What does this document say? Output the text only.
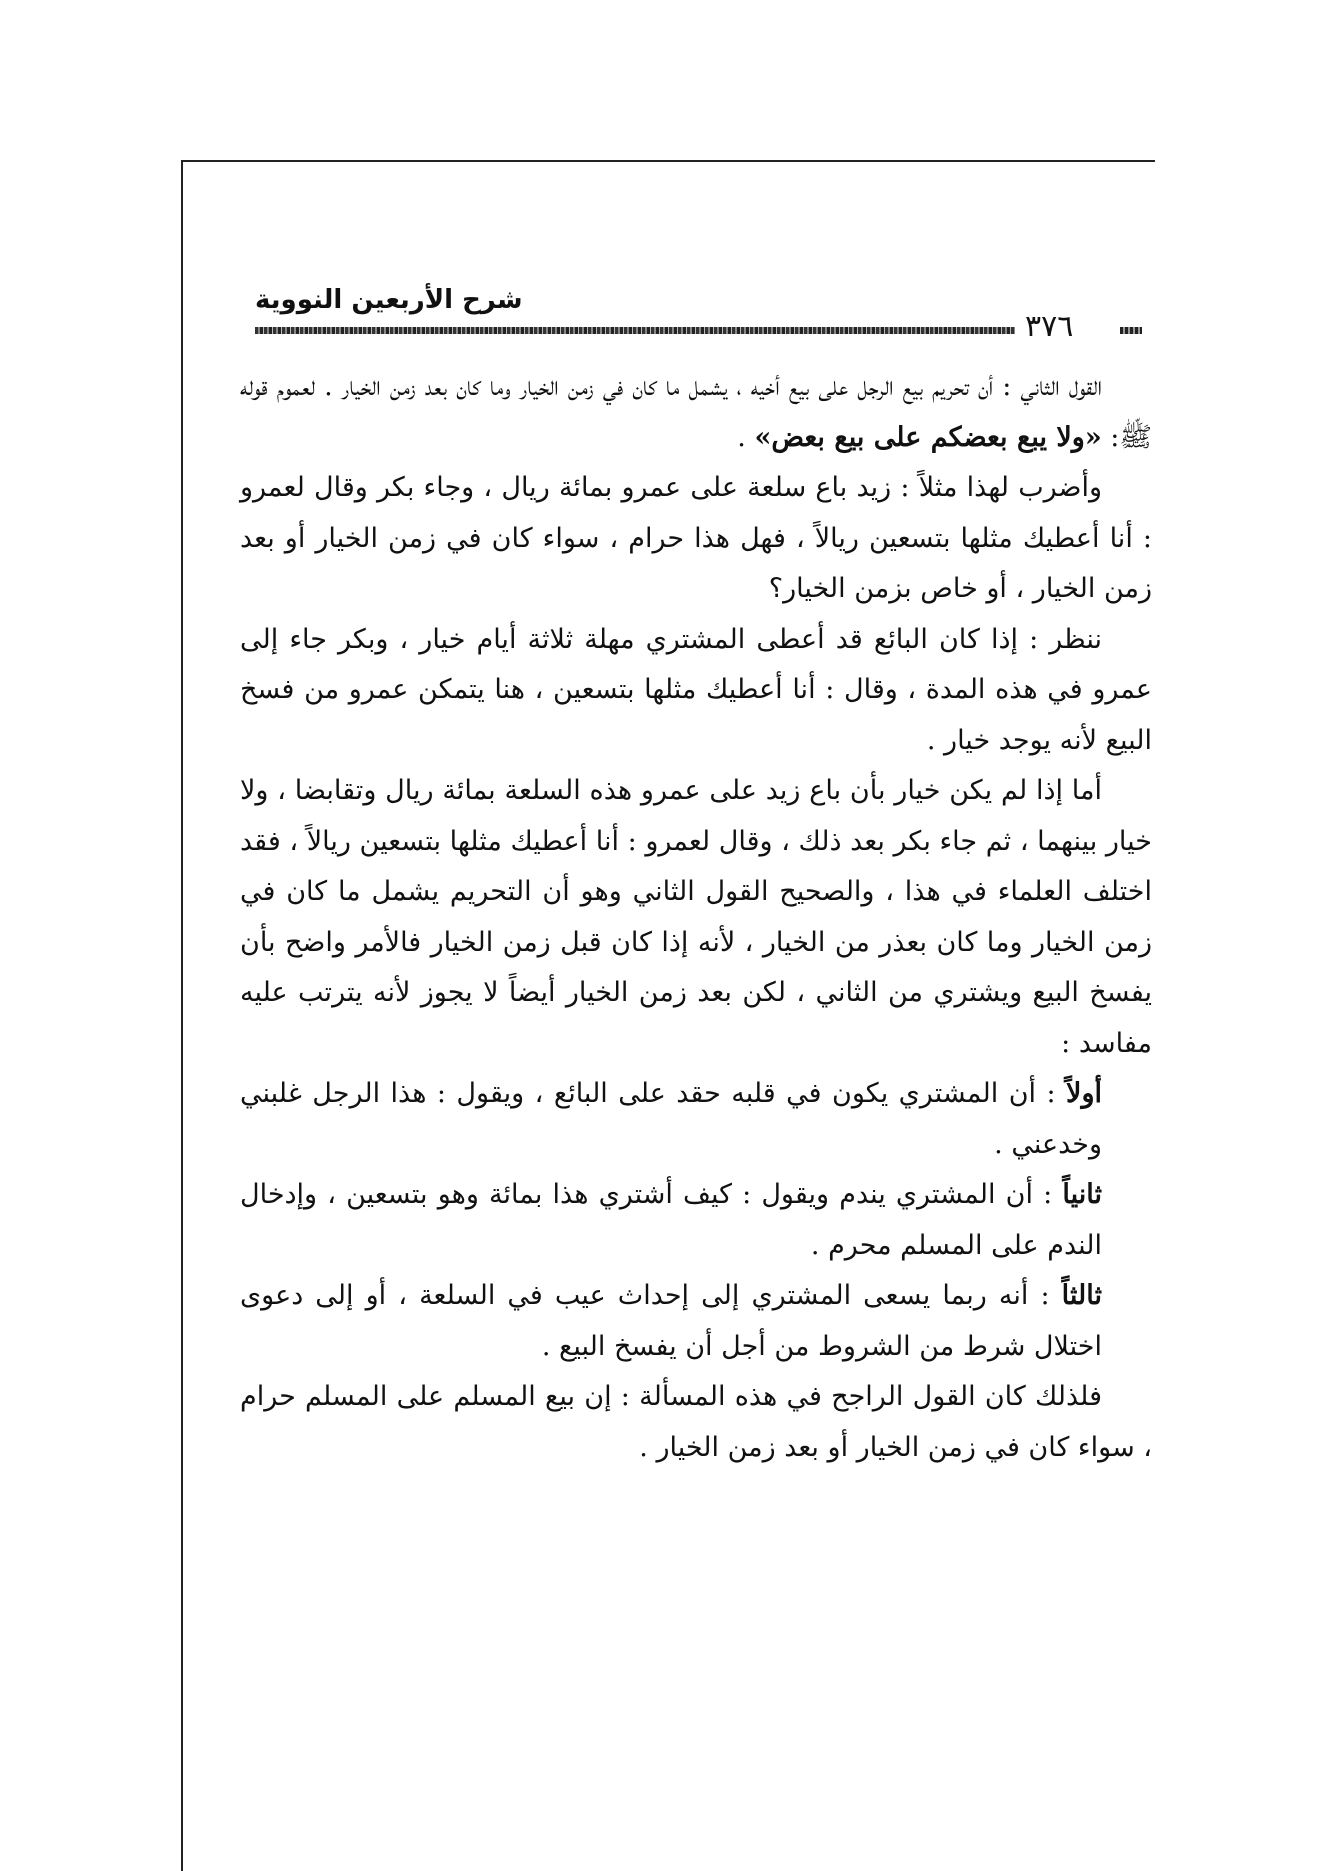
شرح الأربعين النووية
٣٧٦

القول الثاني : أن تحريم بيع الرجل على بيع أخيه ، يشمل ما كان في زمن الخيار وما كان بعد زمن الخيار . لعموم قوله ﷺ: «ولا يبع بعضكم على بيع بعض» .

وأضرب لهذا مثلاً : زيد باع سلعة على عمرو بمائة ريال ، وجاء بكر وقال لعمرو : أنا أعطيك مثلها بتسعين ريالاً ، فهل هذا حرام ، سواء كان في زمن الخيار أو بعد زمن الخيار ، أو خاص بزمن الخيار؟

ننظر : إذا كان البائع قد أعطى المشتري مهلة ثلاثة أيام خيار ، وبكر جاء إلى عمرو في هذه المدة ، وقال : أنا أعطيك مثلها بتسعين ، هنا يتمكن عمرو من فسخ البيع لأنه يوجد خيار .

أما إذا لم يكن خيار بأن باع زيد على عمرو هذه السلعة بمائة ريال وتقابضا ، ولا خيار بينهما ، ثم جاء بكر بعد ذلك ، وقال لعمرو : أنا أعطيك مثلها بتسعين ريالاً ، فقد اختلف العلماء في هذا ، والصحيح القول الثاني وهو أن التحريم يشمل ما كان في زمن الخيار وما كان بعذر من الخيار ، لأنه إذا كان قبل زمن الخيار فالأمر واضح بأن يفسخ البيع ويشتري من الثاني ، لكن بعد زمن الخيار أيضاً لا يجوز لأنه يترتب عليه مفاسد :

أولاً : أن المشتري يكون في قلبه حقد على البائع ، ويقول : هذا الرجل غلبني وخدعني .

ثانياً : أن المشتري يندم ويقول : كيف أشتري هذا بمائة وهو بتسعين ، وإدخال الندم على المسلم محرم .

ثالثاً : أنه ربما يسعى المشتري إلى إحداث عيب في السلعة ، أو إلى دعوى اختلال شرط من الشروط من أجل أن يفسخ البيع .

فلذلك كان القول الراجح في هذه المسألة : إن بيع المسلم على المسلم حرام ، سواء كان في زمن الخيار أو بعد زمن الخيار .
